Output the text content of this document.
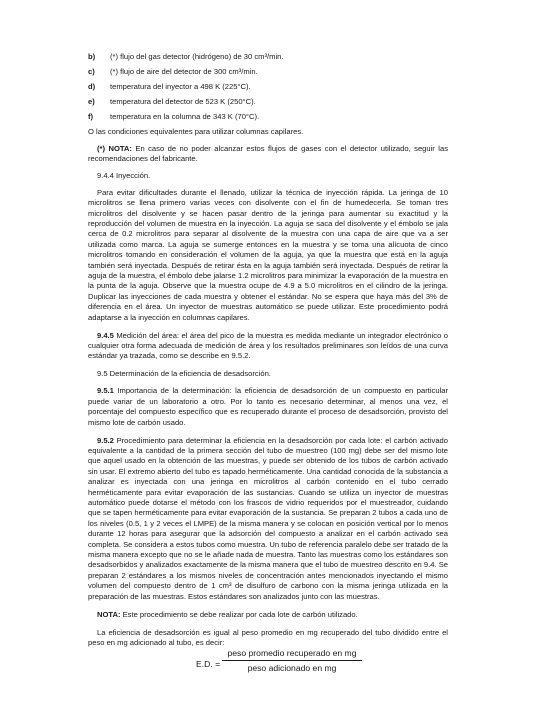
b)	(*) flujo del gas detector (hidrógeno) de 30 cm³/min.
c)	(*) flujo de aire del detector de 300 cm³/min.
d)	temperatura del inyector a 498 K (225°C).
e)	temperatura del detector de 523 K (250°C).
f)	temperatura en la columna de 343 K (70°C).

O las condiciones equivalentes para utilizar columnas capilares.

(*) NOTA: En caso de no poder alcanzar estos flujos de gases con el detector utilizado, seguir las recomendaciones del fabricante.

9.4.4 Inyección.

Para evitar dificultades durante el llenado, utilizar la técnica de inyección rápida. La jeringa de 10 microlitros se llena primero varias veces con disolvente con el fin de humedecerla. Se toman tres microlitros del disolvente y se hacen pasar dentro de la jeringa para aumentar su exactitud y la reproducción del volumen de muestra en la inyección. La aguja se saca del disolvente y el émbolo se jala cerca de 0.2 microlitros para separar al disolvente de la muestra con una capa de aire que va a ser utilizada como marca. La aguja se sumerge entonces en la muestra y se toma una alícuota de cinco microlitros tomando en consideración el volumen de la aguja, ya que la muestra que está en la aguja también será inyectada. Después de retirar ésta en la aguja también será inyectada. Después de retirar la aguja de la muestra, el émbolo debe jalarse 1.2 microlitros para minimizar la evaporación de la muestra en la punta de la aguja. Observe que la muestra ocupe de 4.9 a 5.0 microlitros en el cilindro de la jeringa. Duplicar las inyecciones de cada muestra y obtener el estándar. No se espera que haya más del 3% de diferencia en el área. Un inyector de muestras automático se puede utilizar. Este procedimiento podrá adaptarse a la inyección en columnas capilares.

9.4.5 Medición del área: el área del pico de la muestra es medida mediante un integrador electrónico o cualquier otra forma adecuada de medición de área y los resultados preliminares son leídos de una curva estándar ya trazada, como se describe en 9.5.2.

9.5 Determinación de la eficiencia de desadsorción.

9.5.1 Importancia de la determinación: la eficiencia de desadsorción de un compuesto en particular puede variar de un laboratorio a otro. Por lo tanto es necesario determinar, al menos una vez, el porcentaje del compuesto específico que es recuperado durante el proceso de desadsorción, provisto del mismo lote de carbón usado.

9.5.2 Procedimiento para determinar la eficiencia en la desadsorción por cada lote: el carbón activado equivalente a la cantidad de la primera sección del tubo de muestreo (100 mg) debe ser del mismo lote que aquel usado en la obtención de las muestras, y puede ser obtenido de los tubos de carbón activado sin usar. El extremo abierto del tubo es tapado herméticamente. Una cantidad conocida de la substancia a analizar es inyectada con una jeringa en microlitros al carbón contenido en el tubo cerrado herméticamente para evitar evaporación de las sustancias. Cuando se utiliza un inyector de muestras automático puede dotarse el método con los frascos de vidrio requeridos por el muestreador, cuidando que se tapen herméticamente para evitar evaporación de la sustancia. Se preparan 2 tubos a cada uno de los niveles (0.5, 1 y 2 veces el LMPE) de la misma manera y se colocan en posición vertical por lo menos durante 12 horas para asegurar que la adsorción del compuesto a analizar en el carbón activado sea completa. Se considera a estos tubos como muestra. Un tubo de referencia paralelo debe ser tratado de la misma manera excepto que no se le añade nada de muestra. Tanto las muestras como los estándares son desadsorbidos y analizados exactamente de la misma manera que el tubo de muestreo descrito en 9.4. Se preparan 2 estándares a los mismos niveles de concentración antes mencionados inyectando el mismo volumen del compuesto dentro de 1 cm³ de disulfuro de carbono con la misma jeringa utilizada en la preparación de las muestras. Estos estándares son analizados junto con las muestras.

NOTA: Este procedimiento se debe realizar por cada lote de carbón utilizado.

La eficiencia de desadsorción es igual al peso promedio en mg recuperado del tubo dividido entre el peso en mg adicionado al tubo, es decir:

E.D. =
peso promedio recuperado en mg
peso adicionado en mg
